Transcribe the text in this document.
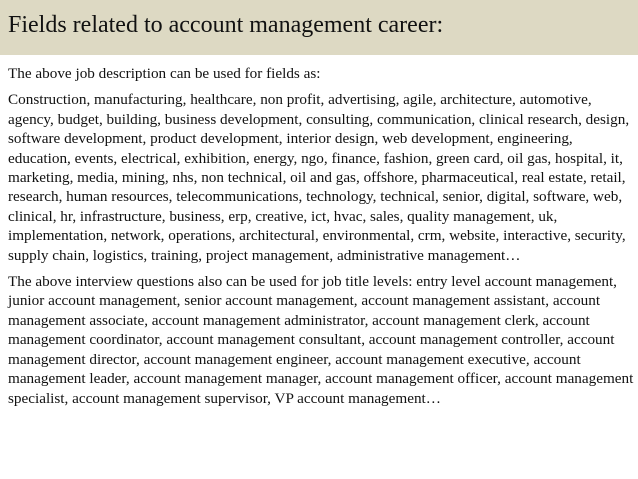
Fields related to account management career:

The above job description can be used for fields as:

Construction, manufacturing, healthcare, non profit, advertising, agile, architecture, automotive, agency, budget, building, business development, consulting, communication, clinical research, design, software development, product development, interior design, web development, engineering, education, events, electrical, exhibition, energy, ngo, finance, fashion, green card, oil gas, hospital, it, marketing, media, mining, nhs, non technical, oil and gas, offshore, pharmaceutical, real estate, retail, research, human resources, telecommunications, technology, technical, senior, digital, software, web, clinical, hr, infrastructure, business, erp, creative, ict, hvac, sales, quality management, uk, implementation, network, operations, architectural, environmental, crm, website, interactive, security, supply chain, logistics, training, project management, administrative management…

The above interview questions also can be used for job title levels: entry level account management, junior account management, senior account management, account management assistant, account management associate, account management administrator, account management clerk, account management coordinator, account management consultant, account management controller, account management director, account management engineer, account management executive, account management leader, account management manager, account management officer, account management specialist, account management supervisor, VP account management…
